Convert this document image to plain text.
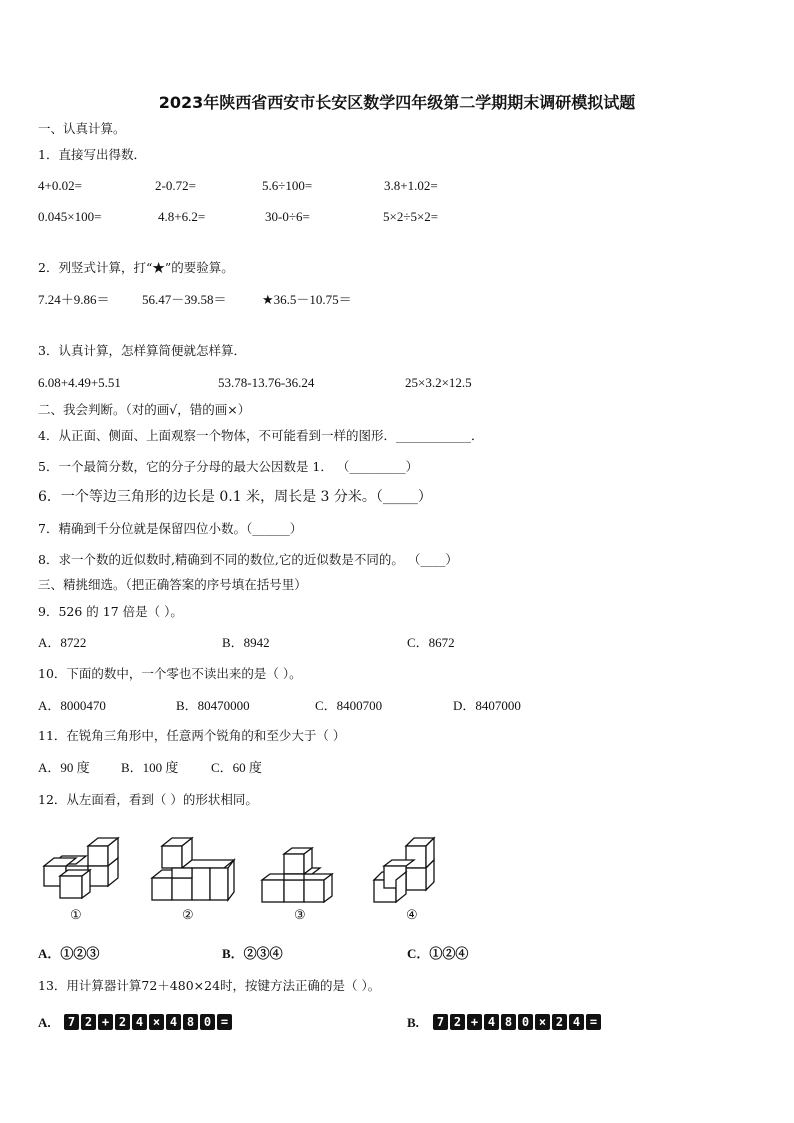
2023年陕西省西安市长安区数学四年级第二学期期末调研模拟试题
一、认真计算。
1．直接写出得数．
4+0.02=	2-0.72=	5.6÷100=	3.8+1.02=
0.045×100=	4.8+6.2=	30-0÷6=	5×2÷5×2=
2．列竖式计算，打“★”的要验算。
7.24＋9.86＝ 56.47－39.58＝	★36.5－10.75＝
3．认真计算，怎样算简便就怎样算．
6.08+4.49+5.51	53.78-13.76-36.24	25×3.2×12.5
二、我会判断。（对的画√，错的画×）
4．从正面、侧面、上面观察一个物体，不可能看到一样的图形．____________．
5．一个最简分数，它的分子分母的最大公因数是 1． （_________）
6．一个等边三角形的边长是 0.1 米，周长是 3 分米。（_____）
7．精确到千分位就是保留四位小数。（______）
8．求一个数的近似数时,精确到不同的数位,它的近似数是不同的。 （____）
三、精挑细选。（把正确答案的序号填在括号里）
9．526 的 17 倍是（ ）。
A．8722	B．8942	C．8672
10．下面的数中，一个零也不读出来的是（ ）。
A．8000470	B．80470000	C．8400700	D．8407000
11．在锐角三角形中，任意两个锐角的和至少大于（ ）
A．90 度 B．100 度	C．60 度
12．从左面看，看到（ ）的形状相同。
①	②	③	④
A．①②③	B．②③④	C．①②④
13．用计算器计算72＋480×24时，按键方法正确的是（ ）。
A.	7 2 + 2 4 × 4 8 0 =	B.	7 2 + 4 8 0 × 2 4 =
